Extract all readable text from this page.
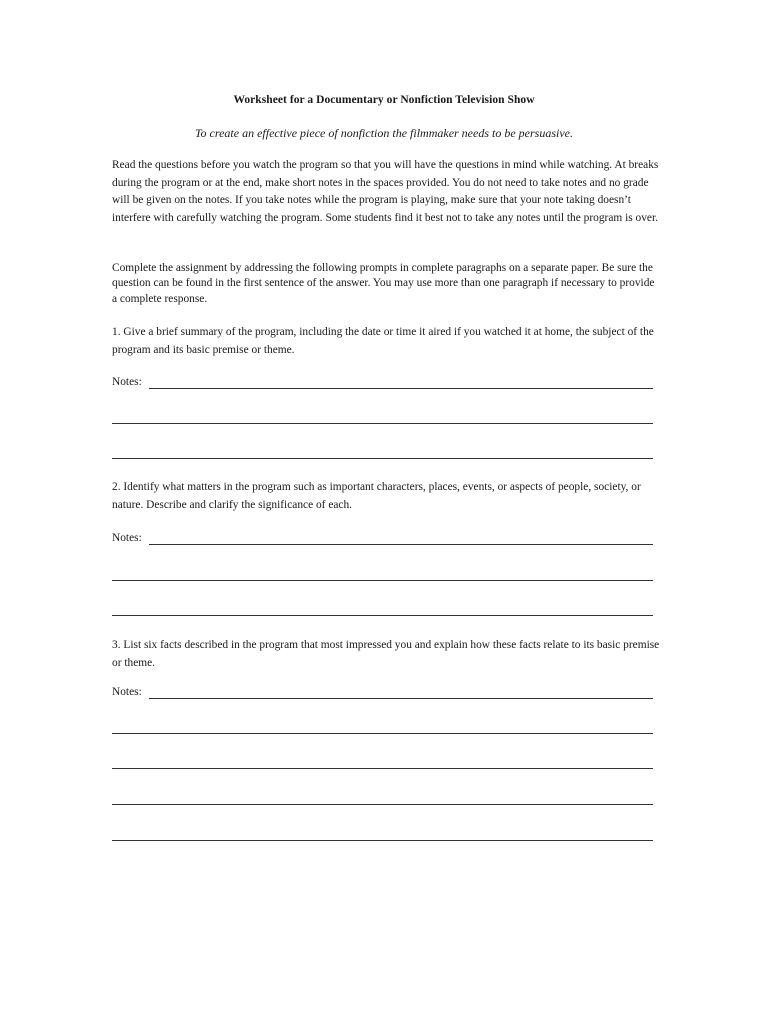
Worksheet for a Documentary or Nonfiction Television Show
To create an effective piece of nonfiction the filmmaker needs to be persuasive.

Read the questions before you watch the program so that you will have the questions in mind while watching. At breaks during the program or at the end, make short notes in the spaces provided. You do not need to take notes and no grade will be given on the notes. If you take notes while the program is playing, make sure that your note taking doesn’t interfere with carefully watching the program. Some students find it best not to take any notes until the program is over.

Complete the assignment by addressing the following prompts in complete paragraphs on a separate paper. Be sure the question can be found in the first sentence of the answer. You may use more than one paragraph if necessary to provide a complete response.

1. Give a brief summary of the program, including the date or time it aired if you watched it at home, the subject of the program and its basic premise or theme.

Notes:

2. Identify what matters in the program such as important characters, places, events, or aspects of people, society, or nature. Describe and clarify the significance of each.

Notes:

3. List six facts described in the program that most impressed you and explain how these facts relate to its basic premise or theme.

Notes:
